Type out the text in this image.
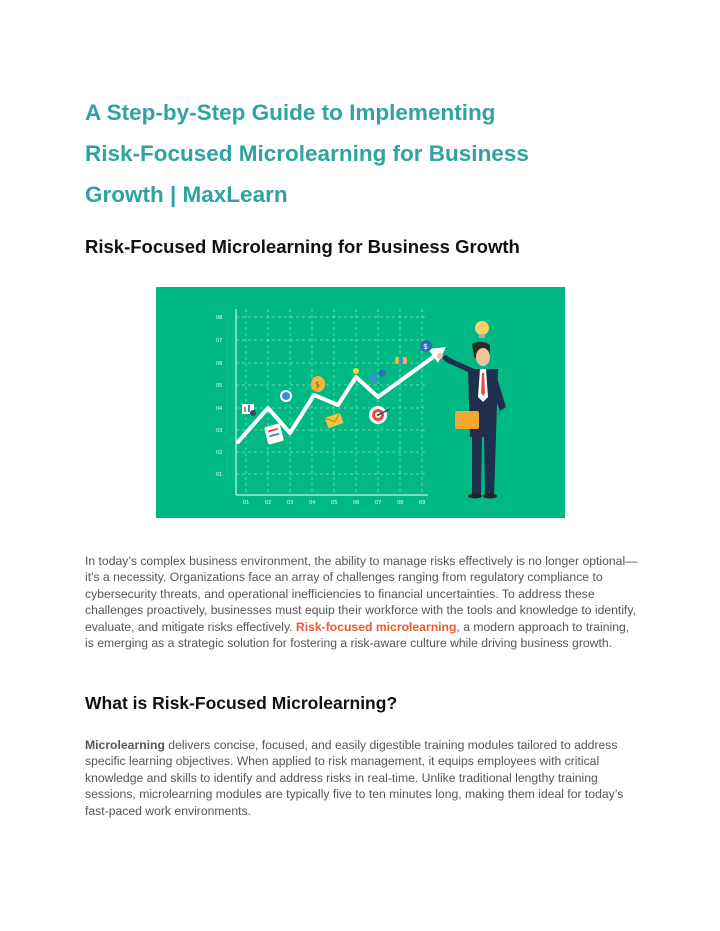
A Step-by-Step Guide to Implementing
Risk-Focused Microlearning for Business
Growth | MaxLearn
Risk-Focused Microlearning for Business Growth
08
07
06
05
04
03
02
01
01	02	03	04	05	06	07	08	09
$
$

In today’s complex business environment, the ability to manage risks effectively is no longer optional—it's a necessity. Organizations face an array of challenges ranging from regulatory compliance to cybersecurity threats, and operational inefficiencies to financial uncertainties. To address these challenges proactively, businesses must equip their workforce with the tools and knowledge to identify, evaluate, and mitigate risks effectively. Risk-focused microlearning, a modern approach to training, is emerging as a strategic solution for fostering a risk-aware culture while driving business growth.

What is Risk-Focused Microlearning?

Microlearning delivers concise, focused, and easily digestible training modules tailored to address specific learning objectives. When applied to risk management, it equips employees with critical knowledge and skills to identify and address risks in real-time. Unlike traditional lengthy training sessions, microlearning modules are typically five to ten minutes long, making them ideal for today’s fast-paced work environments.
